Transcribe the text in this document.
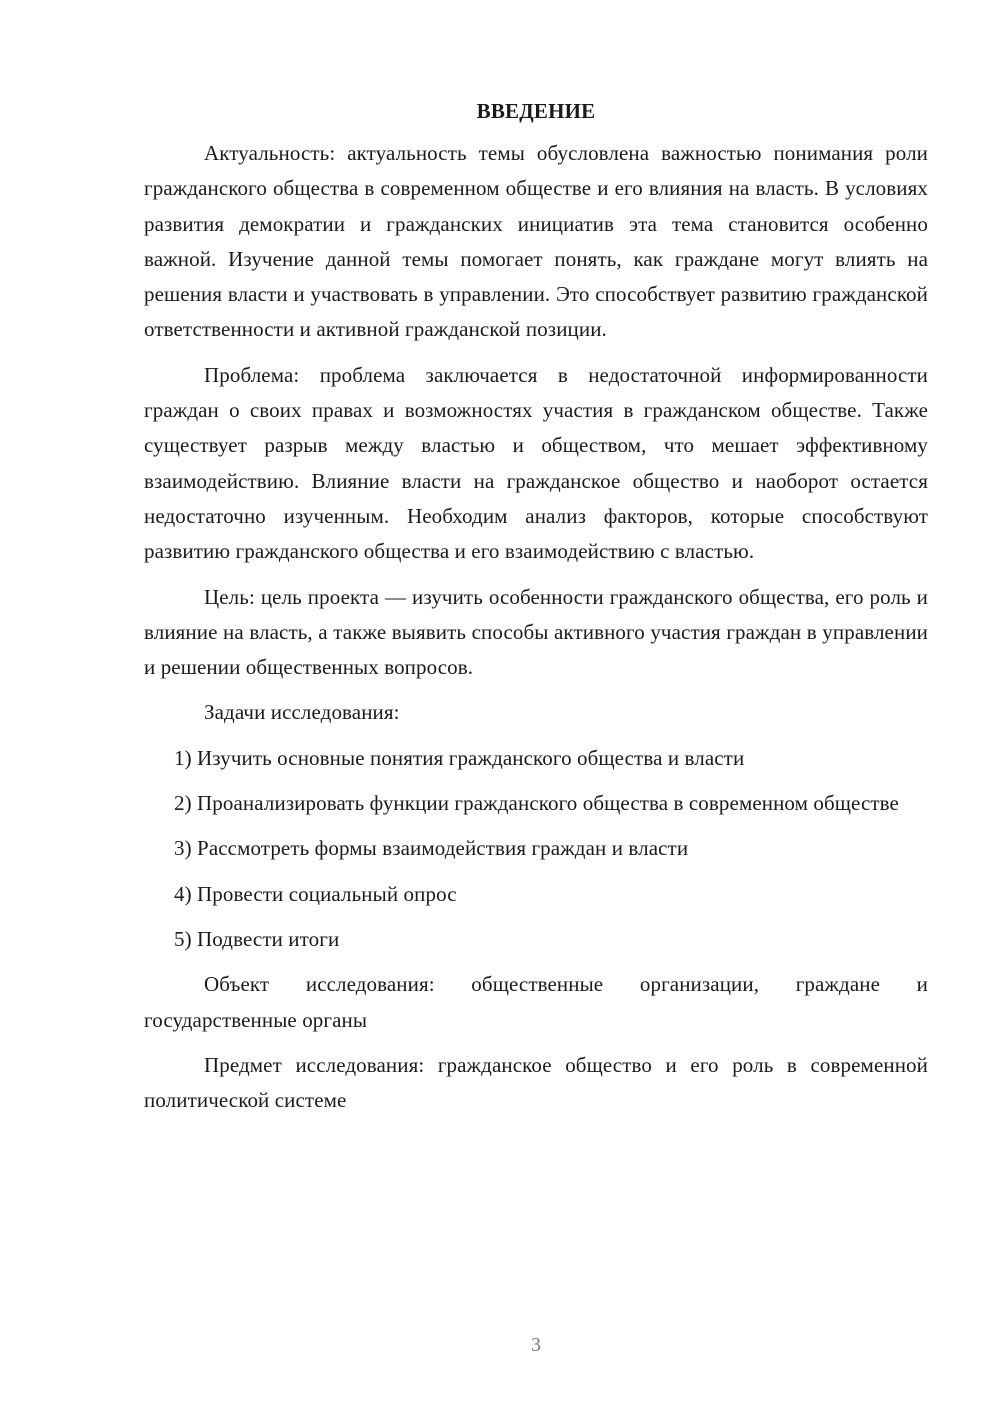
ВВЕДЕНИЕ

Актуальность: актуальность темы обусловлена важностью понимания роли гражданского общества в современном обществе и его влияния на власть. В условиях развития демократии и гражданских инициатив эта тема становится особенно важной. Изучение данной темы помогает понять, как граждане могут влиять на решения власти и участвовать в управлении. Это способствует развитию гражданской ответственности и активной гражданской позиции.

Проблема: проблема заключается в недостаточной информированности граждан о своих правах и возможностях участия в гражданском обществе. Также существует разрыв между властью и обществом, что мешает эффективному взаимодействию. Влияние власти на гражданское общество и наоборот остается недостаточно изученным. Необходим анализ факторов, которые способствуют развитию гражданского общества и его взаимодействию с властью.

Цель: цель проекта — изучить особенности гражданского общества, его роль и влияние на власть, а также выявить способы активного участия граждан в управлении и решении общественных вопросов.

Задачи исследования:

1) Изучить основные понятия гражданского общества и власти

2) Проанализировать функции гражданского общества в современном обществе

3) Рассмотреть формы взаимодействия граждан и власти

4) Провести социальный опрос

5) Подвести итоги

Объект исследования: общественные организации, граждане и государственные органы

Предмет исследования: гражданское общество и его роль в современной политической системе

3
